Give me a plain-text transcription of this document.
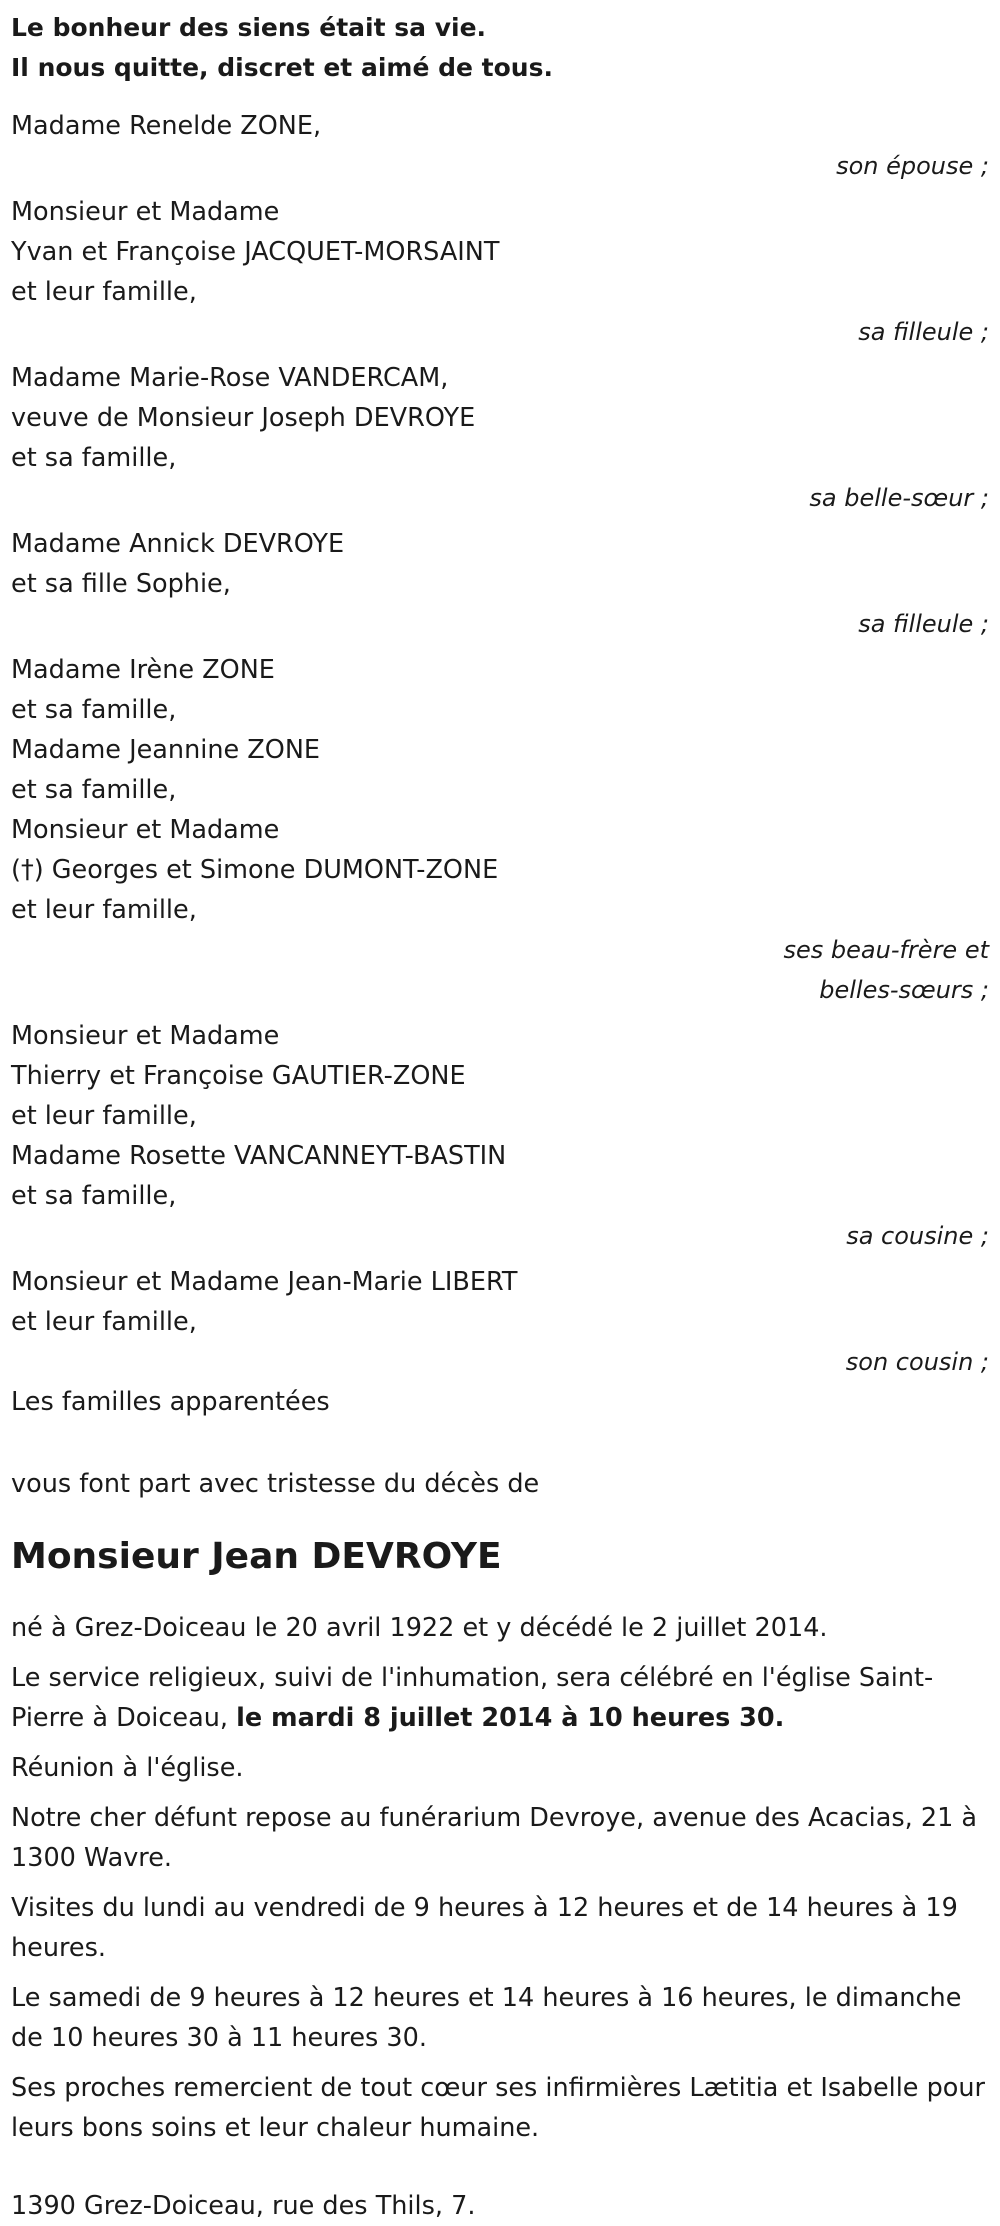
Le bonheur des siens était sa vie.

Il nous quitte, discret et aimé de tous.

Madame Renelde ZONE,
son épouse ;
Monsieur et Madame
Yvan et Françoise JACQUET-MORSAINT
et leur famille,
sa filleule ;
Madame Marie-Rose VANDERCAM,
veuve de Monsieur Joseph DEVROYE
et sa famille,
sa belle-sœur ;
Madame Annick DEVROYE
et sa fille Sophie,
sa filleule ;
Madame Irène ZONE
et sa famille,
Madame Jeannine ZONE
et sa famille,
Monsieur et Madame
(†) Georges et Simone DUMONT-ZONE
et leur famille,
ses beau-frère et
belles-sœurs ;
Monsieur et Madame
Thierry et Françoise GAUTIER-ZONE
et leur famille,
Madame Rosette VANCANNEYT-BASTIN
et sa famille,
sa cousine ;
Monsieur et Madame Jean-Marie LIBERT
et leur famille,
son cousin ;
Les familles apparentées
vous font part avec tristesse du décès de
Monsieur Jean DEVROYE

né à Grez-Doiceau le 20 avril 1922 et y décédé le 2 juillet 2014.

Le service religieux, suivi de l'inhumation, sera célébré en l'église Saint-Pierre à Doiceau, le mardi 8 juillet 2014 à 10 heures 30.

Réunion à l'église.

Notre cher défunt repose au funérarium Devroye, avenue des Acacias, 21 à 1300 Wavre.

Visites du lundi au vendredi de 9 heures à 12 heures et de 14 heures à 19 heures.

Le samedi de 9 heures à 12 heures et 14 heures à 16 heures, le dimanche de 10 heures 30 à 11 heures 30.

Ses proches remercient de tout cœur ses infirmières Lætitia et Isabelle pour leurs bons soins et leur chaleur humaine.

1390 Grez-Doiceau, rue des Thils, 7.
